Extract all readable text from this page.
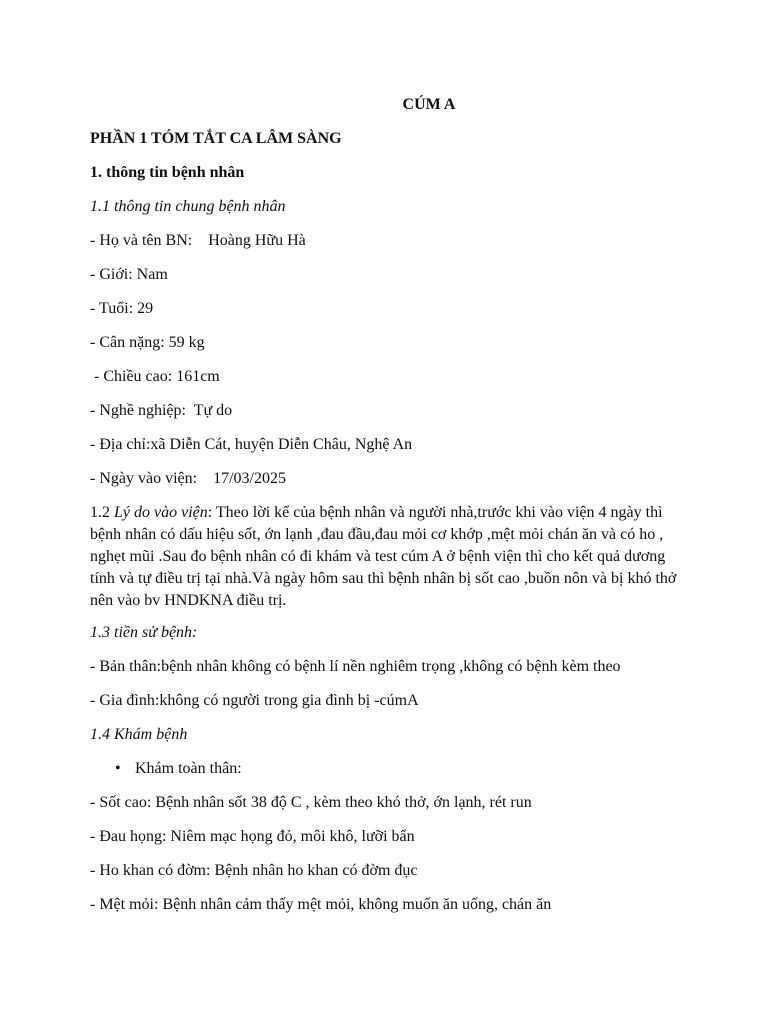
CÚM A
PHẦN 1 TÓM TẮT CA LÂM SÀNG
1. thông tin bệnh nhân
1.1 thông tin chung bệnh nhân
- Họ và tên BN:    Hoàng Hữu Hà
- Giới: Nam
- Tuổi: 29
- Cân nặng: 59 kg
- Chiều cao: 161cm
- Nghề nghiệp:  Tự do
- Địa chỉ:xã Diễn Cát, huyện Diễn Châu, Nghệ An
- Ngày vào viện:    17/03/2025
1.2 Lý do vào viện: Theo lời kể của bệnh nhân và người nhà,trước khi vào viện 4 ngày thì bệnh nhân có dấu hiệu sốt, ớn lạnh ,đau đầu,đau mỏi cơ khớp ,mệt mỏi chán ăn và có ho , nghẹt mũi .Sau đo bệnh nhân có đi khám và test cúm A ở bệnh viện thì cho kết quả dương tính và tự điều trị tại nhà.Và ngày hôm sau thì bệnh nhân bị sốt cao ,buồn nôn và bị khó thở nên vào bv HNDKNA điều trị.
1.3 tiền sử bệnh:
- Bản thân:bệnh nhân không có bệnh lí nền nghiêm trọng ,không có bệnh kèm theo
- Gia đình:không có người trong gia đình bị -cúmA
1.4 Khám bệnh
• Khám toàn thân:
- Sốt cao: Bệnh nhân sốt 38 độ C , kèm theo khó thở, ớn lạnh, rét run
- Đau họng: Niêm mạc họng đỏ, môi khô, lưỡi bẩn
- Ho khan có đờm: Bệnh nhân ho khan có đờm đục
- Mệt mỏi: Bệnh nhân cảm thấy mệt mỏi, không muốn ăn uống, chán ăn
